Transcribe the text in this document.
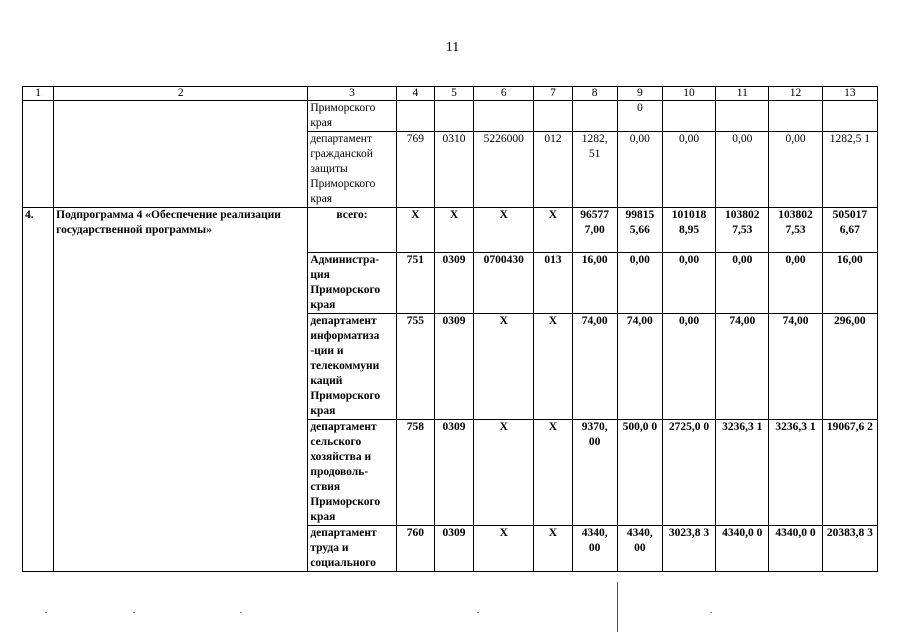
11
1	2	3	4	5	6	7	8	9	10	11	12	13
		Приморского края						0				
		департамент гражданской защиты Приморского края	769	0310	5226000	012	1282, 51	0,00	0,00	0,00	0,00	1282,5 1
4.	Подпрограмма 4 «Обеспечение реализации государственной программы»	всего:	X	X	X	X	96577 7,00	99815 5,66	101018 8,95	103802 7,53	103802 7,53	505017 6,67
		Администра-ция Приморского края	751	0309	0700430	013	16,00	0,00	0,00	0,00	0,00	16,00
		департамент информатиза -ции и телекоммуни каций Приморского края	755	0309	X	X	74,00	74,00	0,00	74,00	74,00	296,00
		департамент сельского хозяйства и продоволь-ствия Приморского края	758	0309	X	X	9370, 00	500,0 0	2725,0 0	3236,3 1	3236,3 1	19067,6 2
		департамент труда и социального	760	0309	X	X	4340, 00	4340, 00	3023,8 3	4340,0 0	4340,0 0	20383,8 3
